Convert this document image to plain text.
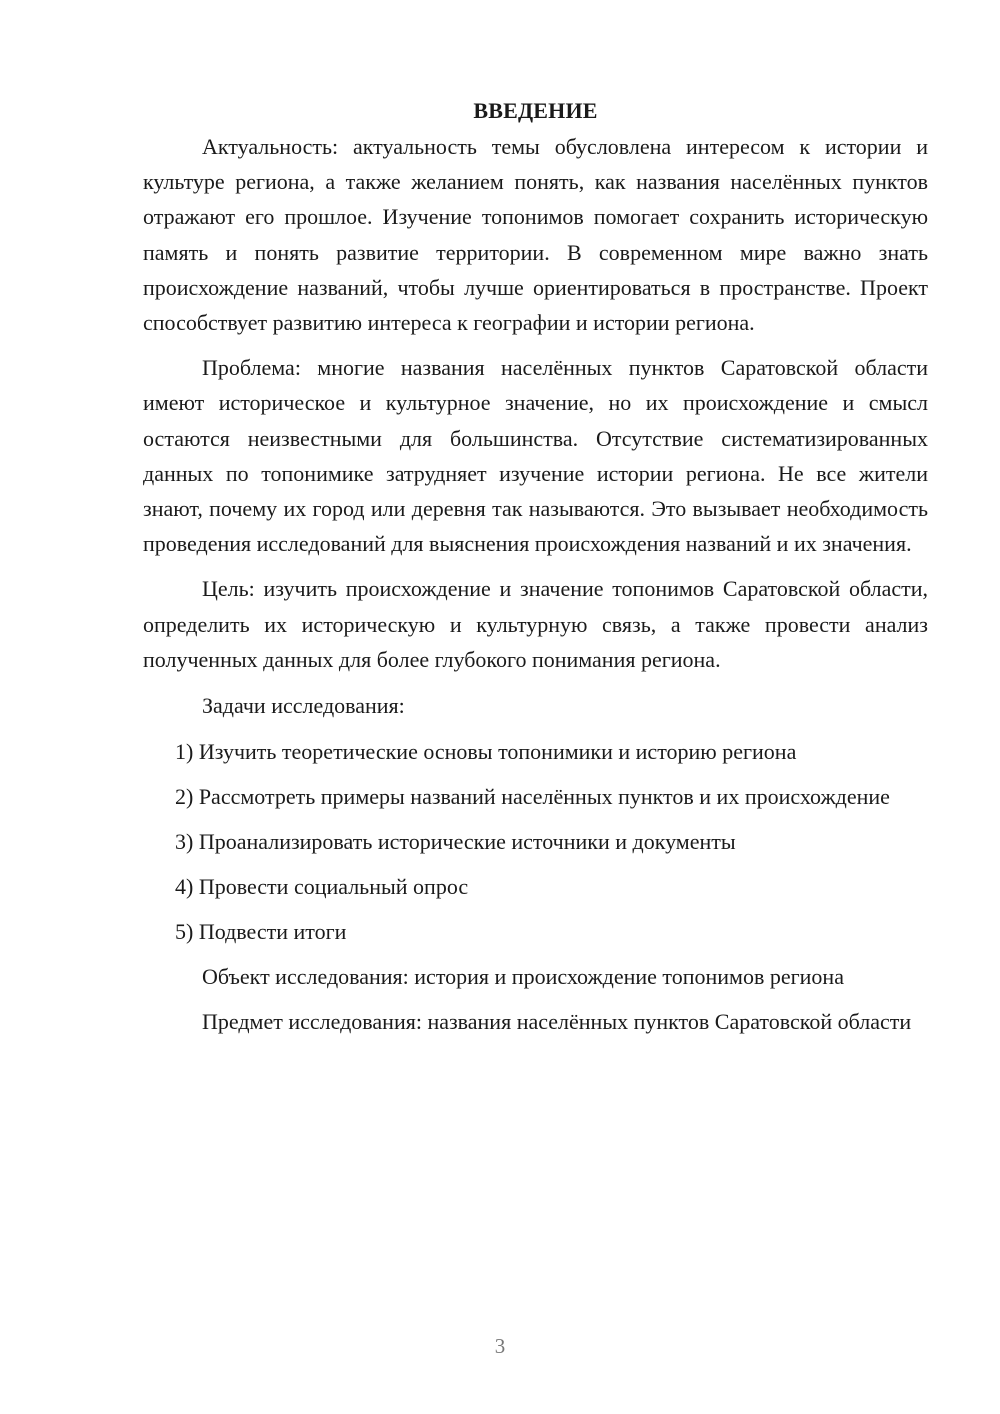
ВВЕДЕНИЕ

Актуальность: актуальность темы обусловлена интересом к истории и культуре региона, а также желанием понять, как названия населённых пунктов отражают его прошлое. Изучение топонимов помогает сохранить историческую память и понять развитие территории. В современном мире важно знать происхождение названий, чтобы лучше ориентироваться в пространстве. Проект способствует развитию интереса к географии и истории региона.

Проблема: многие названия населённых пунктов Саратовской области имеют историческое и культурное значение, но их происхождение и смысл остаются неизвестными для большинства. Отсутствие систематизированных данных по топонимике затрудняет изучение истории региона. Не все жители знают, почему их город или деревня так называются. Это вызывает необходимость проведения исследований для выяснения происхождения названий и их значения.

Цель: изучить происхождение и значение топонимов Саратовской области, определить их историческую и культурную связь, а также провести анализ полученных данных для более глубокого понимания региона.

Задачи исследования:

1) Изучить теоретические основы топонимики и историю региона

2) Рассмотреть примеры названий населённых пунктов и их происхождение

3) Проанализировать исторические источники и документы

4) Провести социальный опрос

5) Подвести итоги

Объект исследования: история и происхождение топонимов региона

Предмет исследования: названия населённых пунктов Саратовской области

3
